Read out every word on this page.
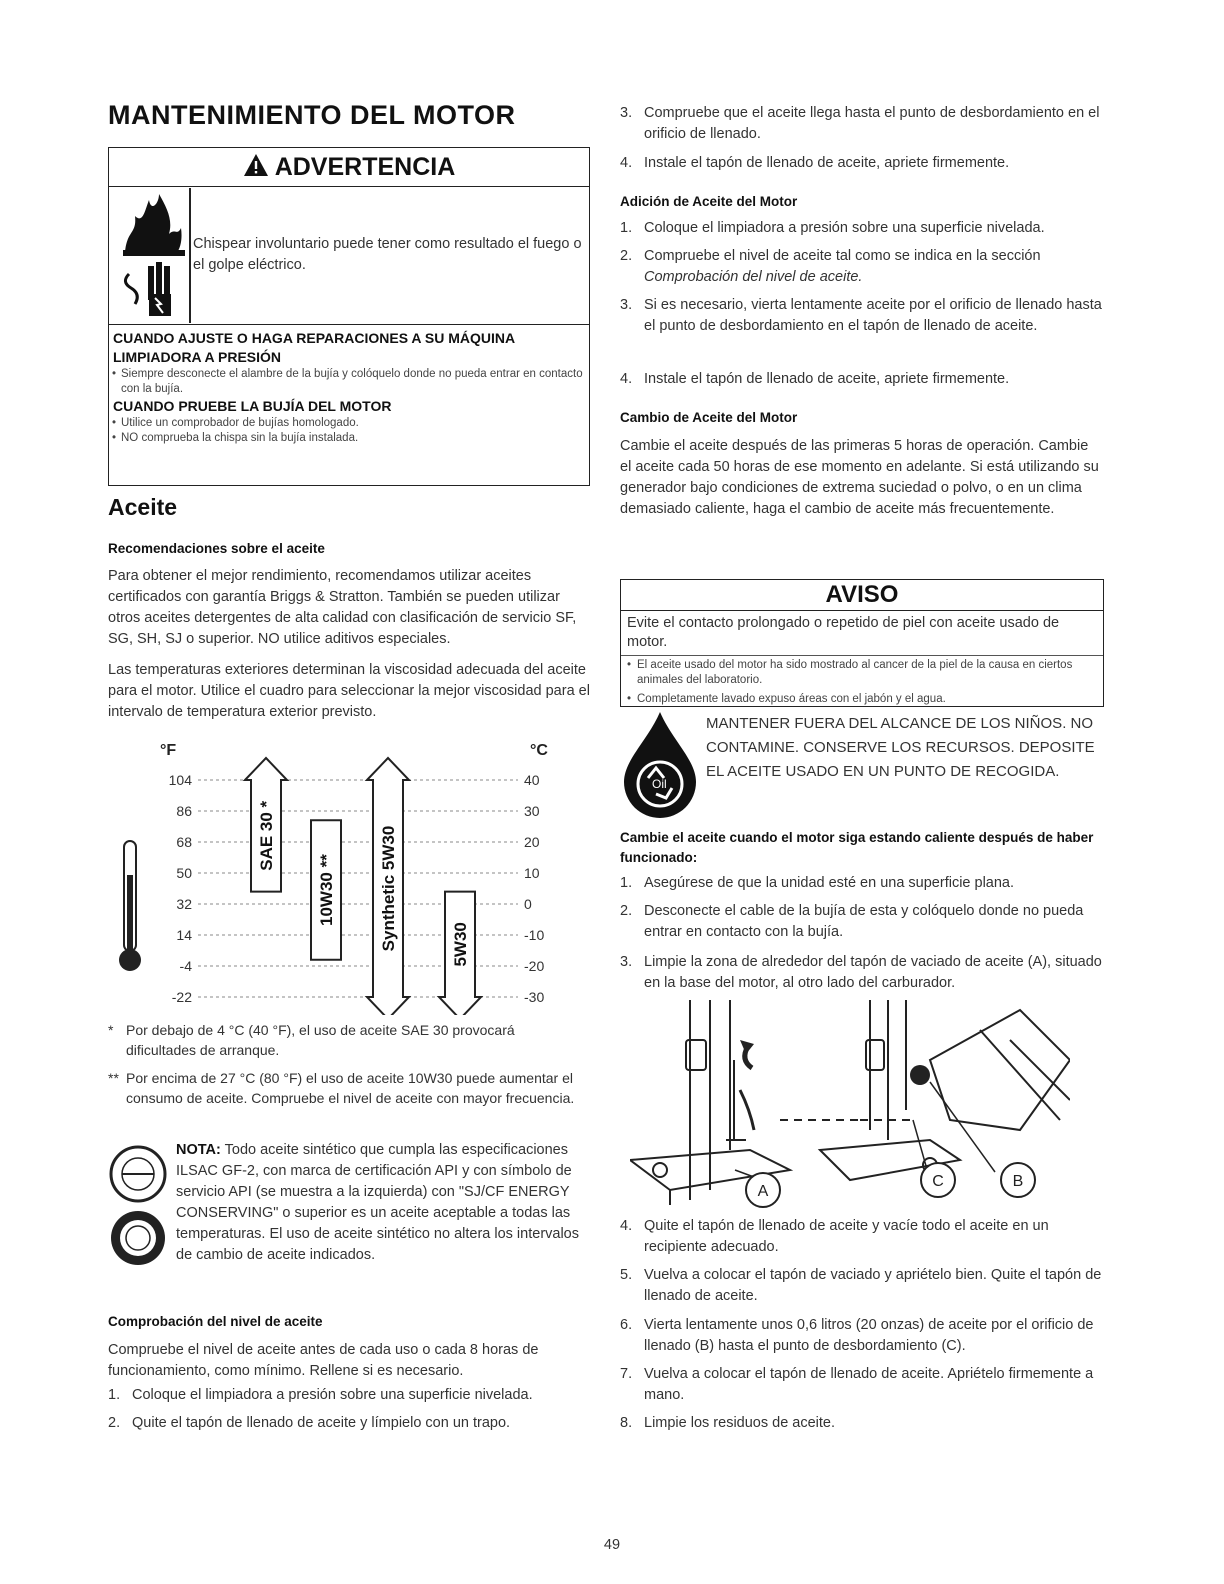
MANTENIMIENTO DEL MOTOR
ADVERTENCIA
Chispear involuntario puede tener como resultado el fuego o el golpe eléctrico.
CUANDO AJUSTE O HAGA REPARACIONES A SU MÁQUINA LIMPIADORA A PRESIÓN
• Siempre desconecte el alambre de la bujía y colóquelo donde no pueda entrar en contacto con la bujía.
CUANDO PRUEBE LA BUJÍA DEL MOTOR
• Utilice un comprobador de bujías homologado.
• NO comprueba la chispa sin la bujía instalada.
Aceite
Recomendaciones sobre el aceite
Para obtener el mejor rendimiento, recomendamos utilizar aceites certificados con garantía Briggs & Stratton. También se pueden utilizar otros aceites detergentes de alta calidad con clasificación de servicio SF, SG, SH, SJ o superior. NO utilice aditivos especiales.
Las temperaturas exteriores determinan la viscosidad adecuada del aceite para el motor. Utilice el cuadro para seleccionar la mejor viscosidad para el intervalo de temperatura exterior previsto.
°F	°C
104
86
68
50
32
14
-4
-22
40
30
20
10
0
-10
-20
-30
SAE 30 *
10W30 **	Synthetic 5W30	5W30
* Por debajo de 4 °C (40 °F), el uso de aceite SAE 30 provocará dificultades de arranque.
** Por encima de 27 °C (80 °F) el uso de aceite 10W30 puede aumentar el consumo de aceite. Compruebe el nivel de aceite con mayor frecuencia.
NOTA: Todo aceite sintético que cumpla las especificaciones ILSAC GF-2, con marca de certificación API y con símbolo de servicio API (se muestra a la izquierda) con "SJ/CF ENERGY CONSERVING" o superior es un aceite aceptable a todas las temperaturas. El uso de aceite sintético no altera los intervalos de cambio de aceite indicados.
Comprobación del nivel de aceite
Compruebe el nivel de aceite antes de cada uso o cada 8 horas de funcionamiento, como mínimo. Rellene si es necesario.
1. Coloque el limpiadora a presión sobre una superficie nivelada.
2. Quite el tapón de llenado de aceite y límpielo con un trapo.
3. Compruebe que el aceite llega hasta el punto de desbordamiento en el orificio de llenado.
4. Instale el tapón de llenado de aceite, apriete firmemente.
Adición de Aceite del Motor
1. Coloque el limpiadora a presión sobre una superficie nivelada.
2. Compruebe el nivel de aceite tal como se indica en la sección
Comprobación del nivel de aceite.
3. Si es necesario, vierta lentamente aceite por el orificio de llenado hasta el punto de desbordamiento en el tapón de llenado de aceite.
4. Instale el tapón de llenado de aceite, apriete firmemente.
Cambio de Aceite del Motor
Cambie el aceite después de las primeras 5 horas de operación. Cambie el aceite cada 50 horas de ese momento en adelante. Si está utilizando su generador bajo condiciones de extrema suciedad o polvo, o en un clima demasiado caliente, haga el cambio de aceite más frecuentemente.
AVISO
Evite el contacto prolongado o repetido de piel con aceite usado de motor.
• El aceite usado del motor ha sido mostrado al cancer de la piel de la causa en ciertos animales del laboratorio.
• Completamente lavado expuso áreas con el jabón y el agua.
Oil
MANTENER FUERA DEL ALCANCE DE LOS NIÑOS. NO CONTAMINE. CONSERVE LOS RECURSOS. DEPOSITE EL ACEITE USADO EN UN PUNTO DE RECOGIDA.
Cambie el aceite cuando el motor siga estando caliente después de haber funcionado:
1. Asegúrese de que la unidad esté en una superficie plana.
2. Desconecte el cable de la bujía de esta y colóquelo donde no pueda entrar en contacto con la bujía.
3. Limpie la zona de alrededor del tapón de vaciado de aceite (A), situado en la base del motor, al otro lado del carburador.
A
C	B
4. Quite el tapón de llenado de aceite y vacíe todo el aceite en un recipiente adecuado.
5. Vuelva a colocar el tapón de vaciado y apriételo bien. Quite el tapón de llenado de aceite.
6. Vierta lentamente unos 0,6 litros (20 onzas) de aceite por el orificio de llenado (B) hasta el punto de desbordamiento (C).
7. Vuelva a colocar el tapón de llenado de aceite. Apriételo firmemente a mano.
8. Limpie los residuos de aceite.
49
